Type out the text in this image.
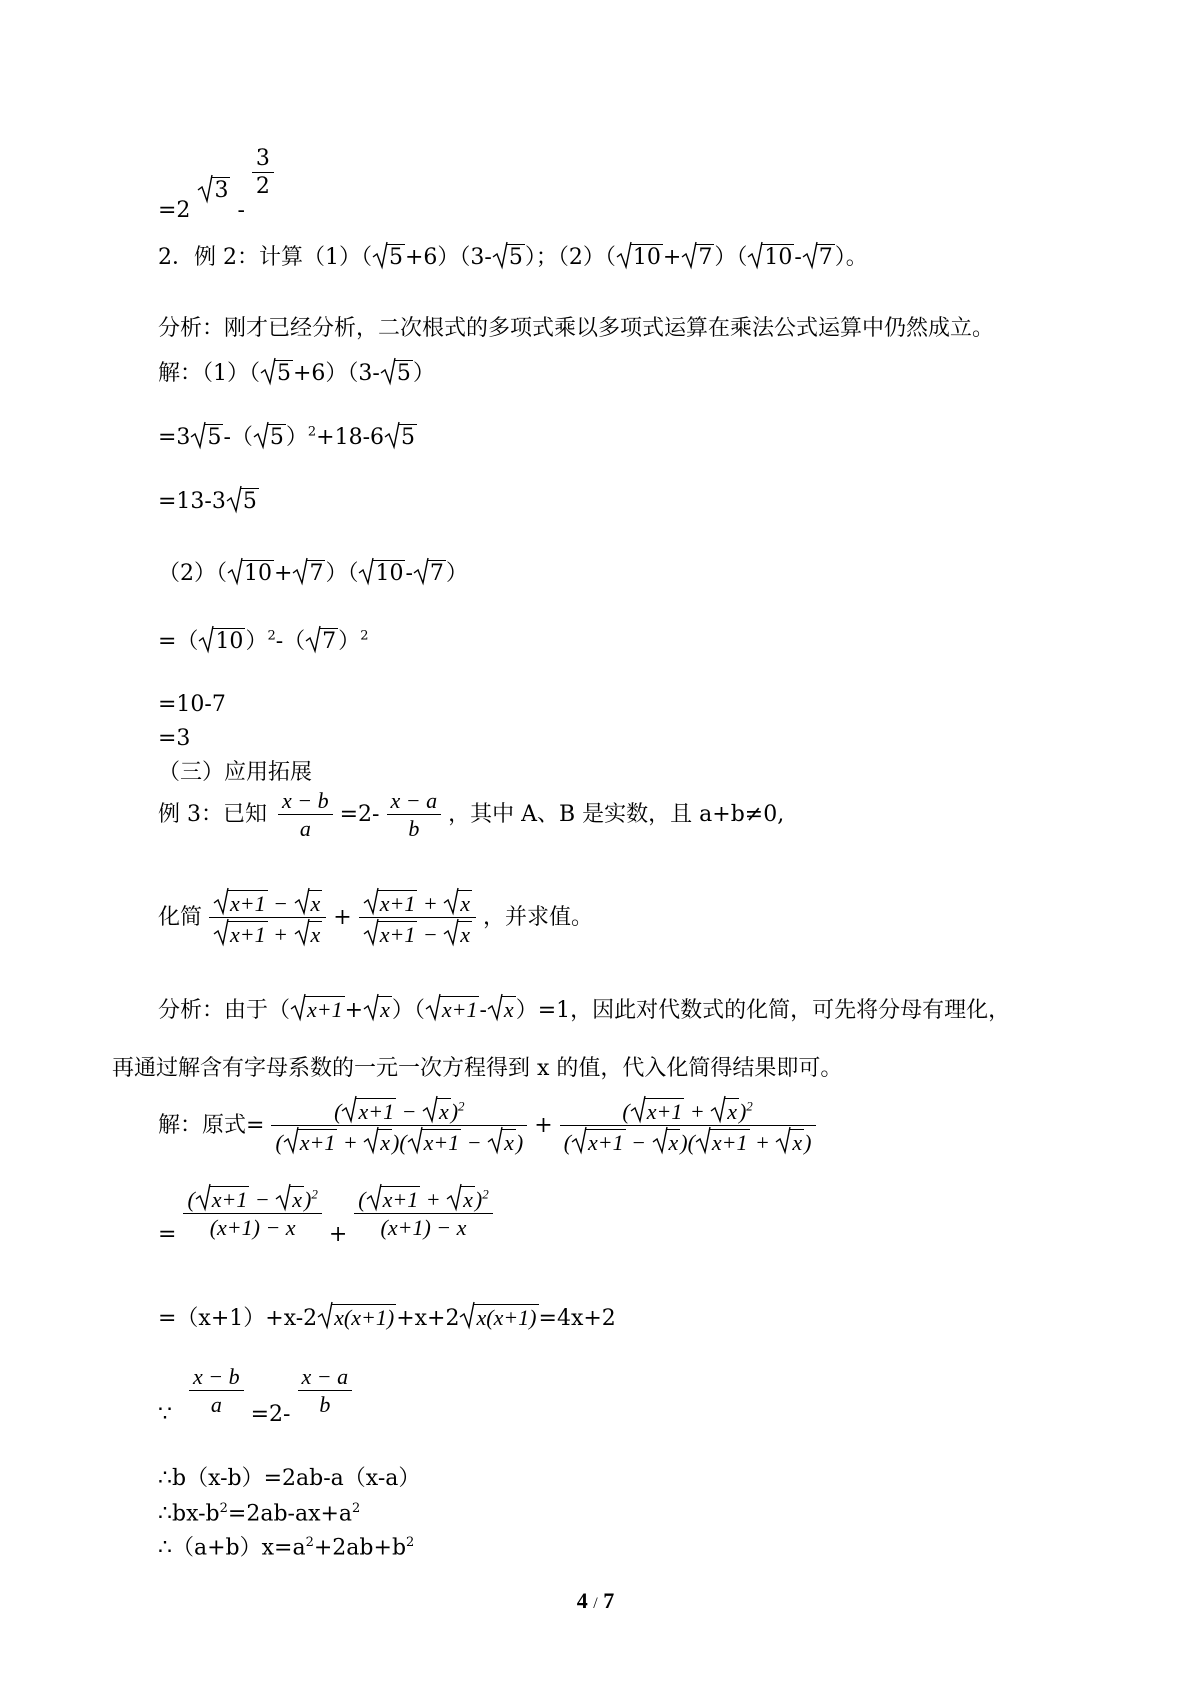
=2
3 -
$\frac{3}{2}$
2．例 2：计算（1）（ 5+6）（3- 5）；（2）（ 10+ 7）（ 10- 7）。
分析：刚才已经分析，二次根式的多项式乘以多项式运算在乘法公式运算中仍然成立。
解：（1）（ 5+6）（3- 5）
=3 5-（ 5）$^2$+18-6 5
=13-3 5
（2）（ 10+ 7）（ 10- 7）
=（ 10）$^2$-（ 7）$^2$
=10-7
=3
（三）应用拓展
例 3：已知 $\frac{x - b}{a} =2- \frac{x - a}{b}$ ，其中 A、B 是实数，且 a+b≠0,
化简 x+1 −
x
x+1 +
x + x+1 +
x
x+1 −
x ，并求值。
分析：由于（ x+1+ x）（ x+1- x）=1，因此对代数式的化简，可先将分母有理化，
再通过解含有字母系数的一元一次方程得到 x 的值，代入化简得结果即可。
解：原式= ( x+1 −
x)$^2$
( x+1 +
x)( x+1 −
x) + ( x+1 +
x)$^2$
( x+1 −
x)( x+1 +
x)
= ( x+1 −
x)$^2$
(x+1) − x + ( x+1 +
x)$^2$
(x+1) − x
=（x+1）+x-2 x(x+1)+x+2 x(x+1)=4x+2
∵ $\frac{x - b}{a} =2- \frac{x - a}{b}$
∴b（x-b）=2ab-a（x-a）
$\therefore bx-b^2=2ab-ax+a^2$
$\therefore(a+b)x=a^2+2ab+b^2$
4 / 7
